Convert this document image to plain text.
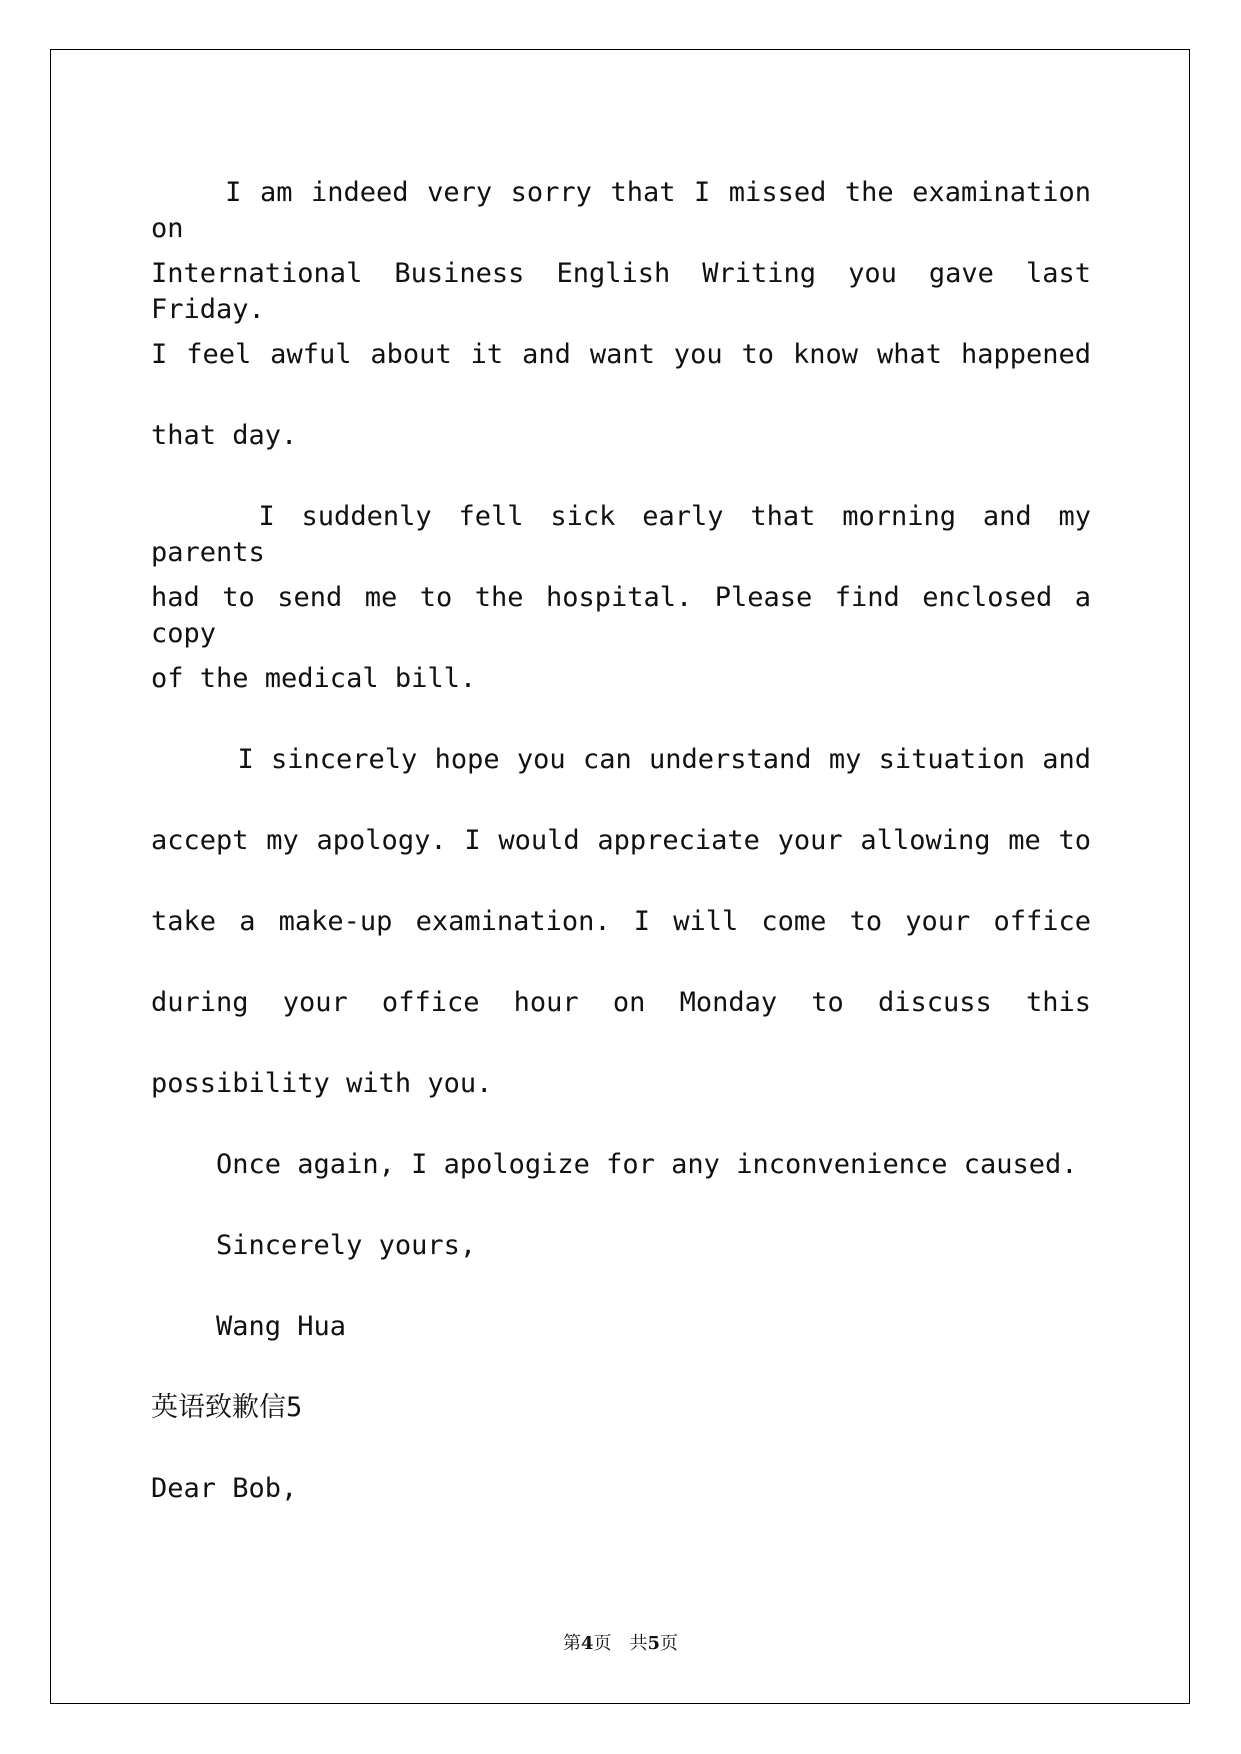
I am indeed very sorry that I missed the examination on
International Business English Writing you gave last Friday.
I feel awful about it and want you to know what happened
that day.
I suddenly fell sick early that morning and my parents
had to send me to the hospital. Please find enclosed a copy
of the medical bill.
I sincerely hope you can understand my situation and
accept my apology. I would appreciate your allowing me to
take a make-up examination. I will come to your office
during your office hour on Monday to discuss this
possibility with you.
Once again, I apologize for any inconvenience caused.
Sincerely yours,
Wang Hua
英语致歉信5
Dear Bob,
第4页　共5页
